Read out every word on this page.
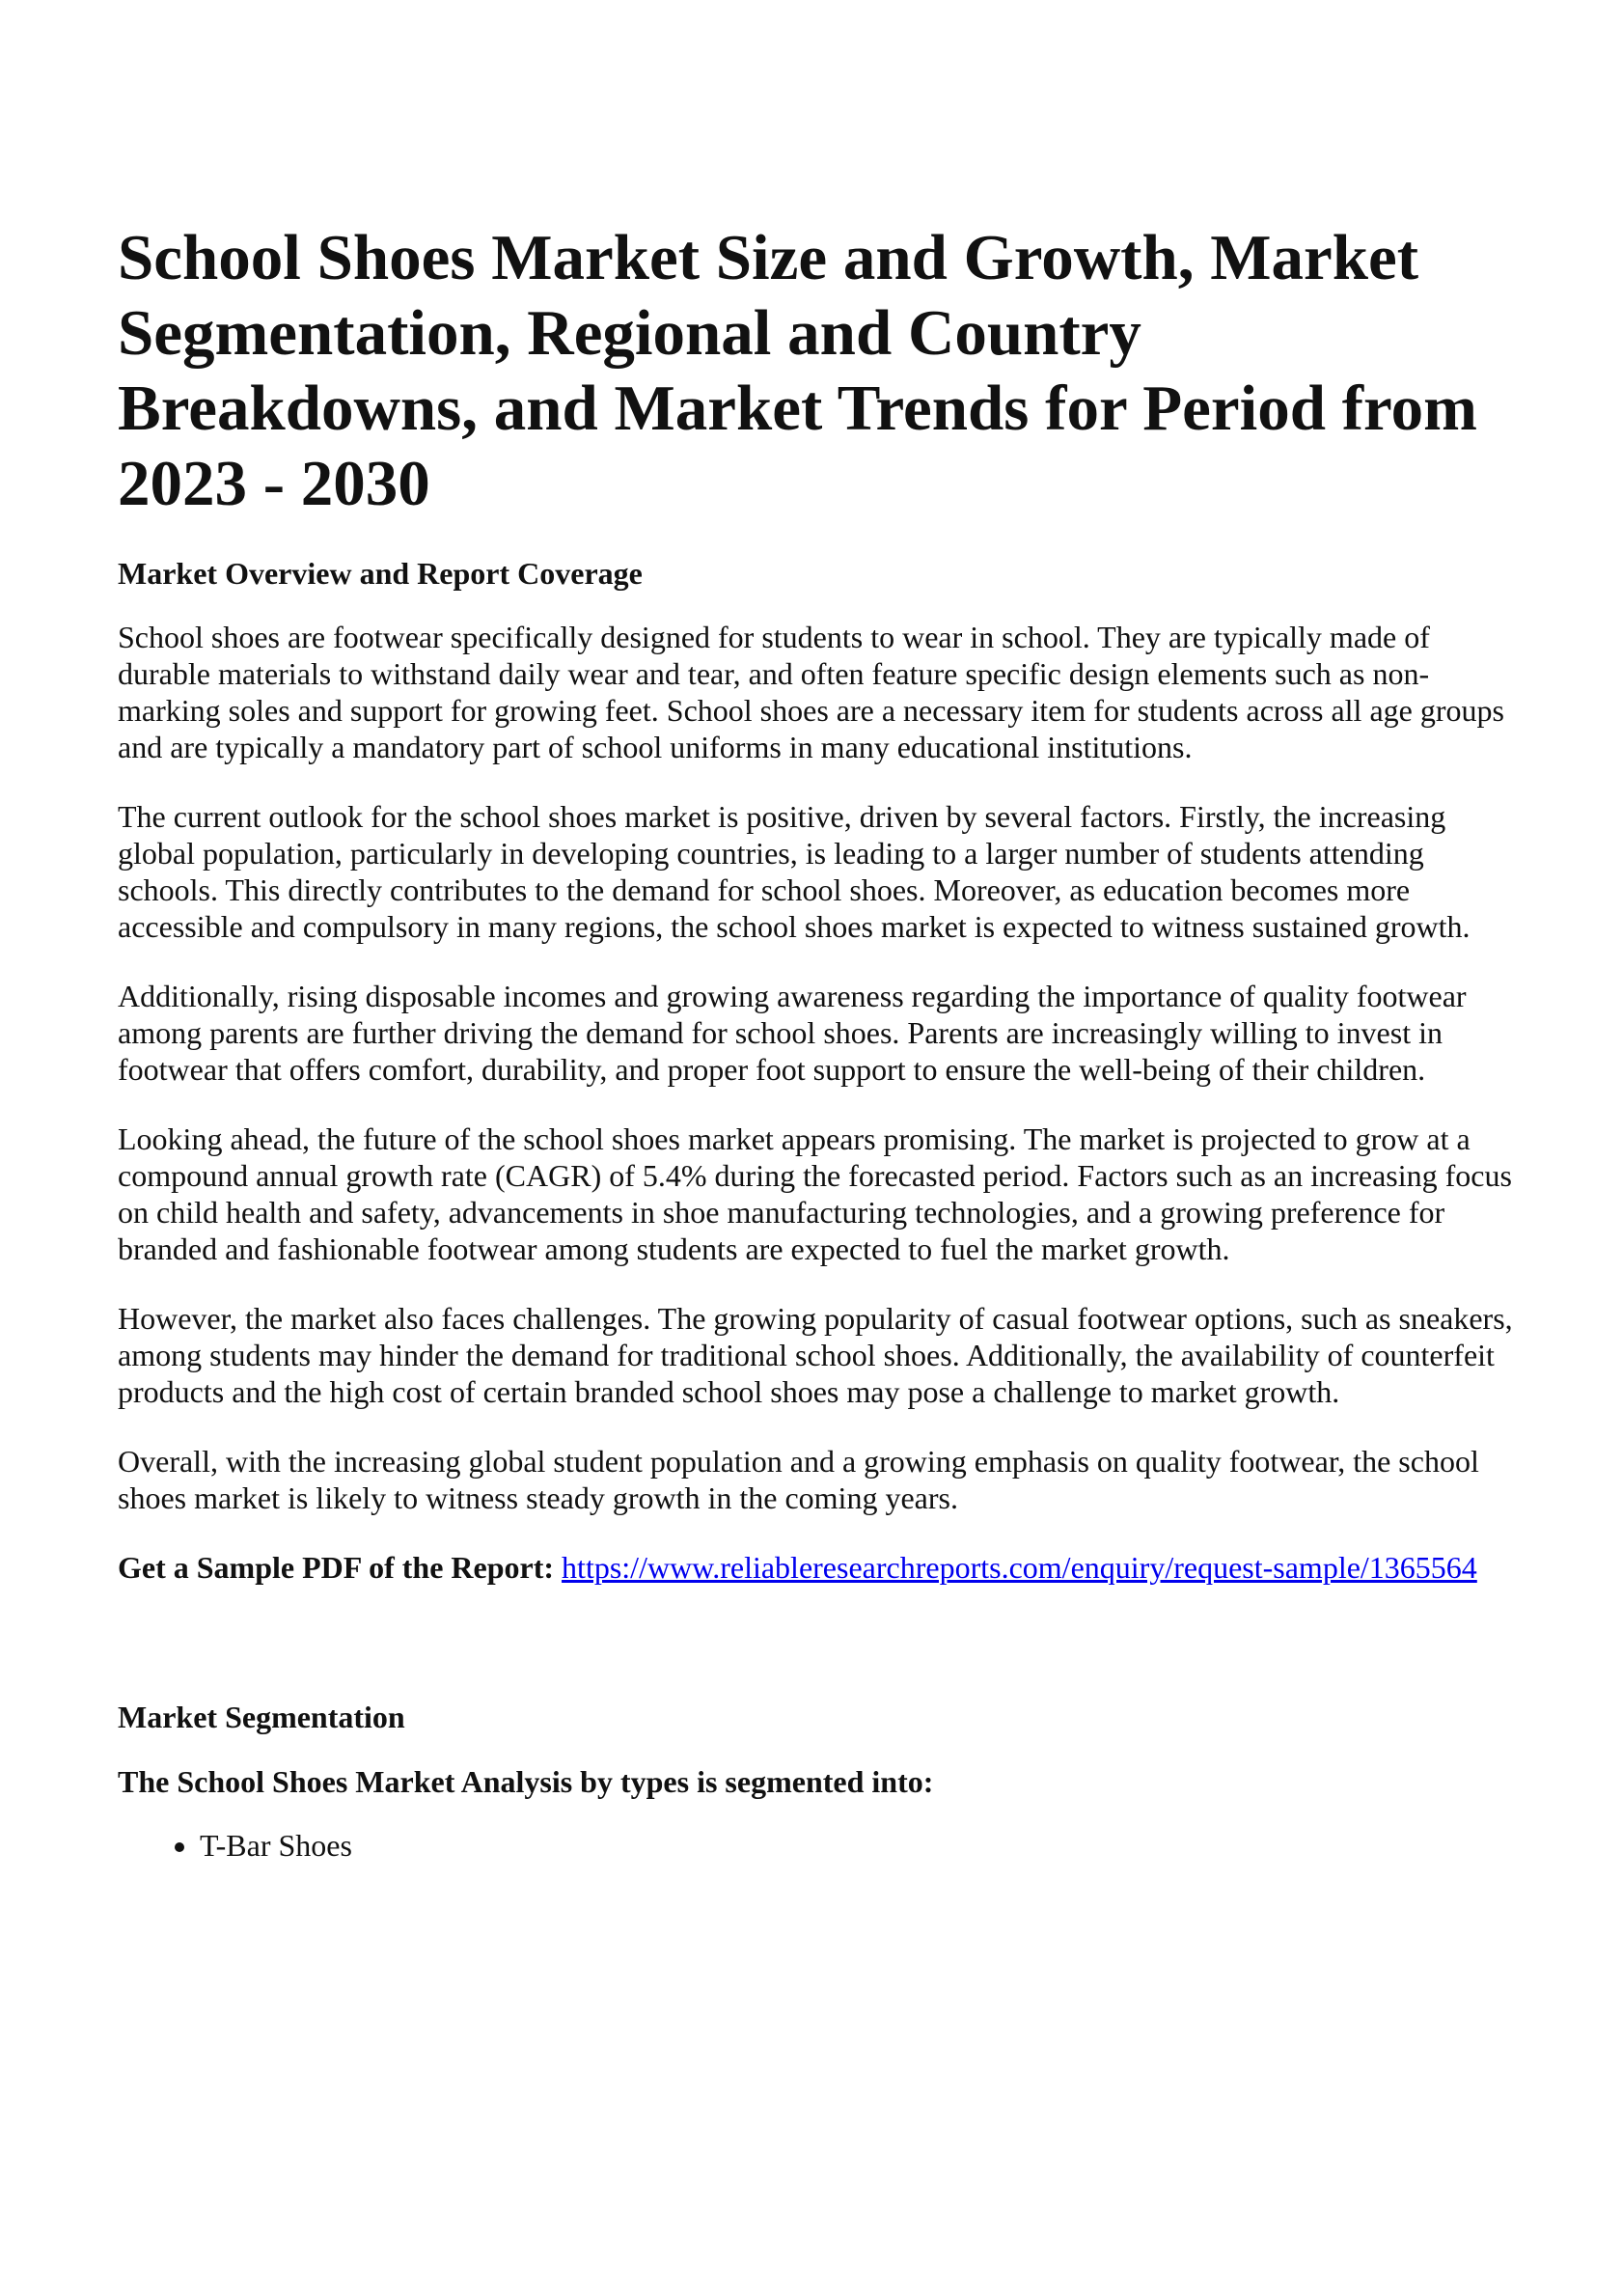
School Shoes Market Size and Growth, Market Segmentation, Regional and Country Breakdowns, and Market Trends for Period from 2023 - 2030
Market Overview and Report Coverage

School shoes are footwear specifically designed for students to wear in school. They are typically made of durable materials to withstand daily wear and tear, and often feature specific design elements such as non-marking soles and support for growing feet. School shoes are a necessary item for students across all age groups and are typically a mandatory part of school uniforms in many educational institutions.

The current outlook for the school shoes market is positive, driven by several factors. Firstly, the increasing global population, particularly in developing countries, is leading to a larger number of students attending schools. This directly contributes to the demand for school shoes. Moreover, as education becomes more accessible and compulsory in many regions, the school shoes market is expected to witness sustained growth.

Additionally, rising disposable incomes and growing awareness regarding the importance of quality footwear among parents are further driving the demand for school shoes. Parents are increasingly willing to invest in footwear that offers comfort, durability, and proper foot support to ensure the well-being of their children.

Looking ahead, the future of the school shoes market appears promising. The market is projected to grow at a compound annual growth rate (CAGR) of 5.4% during the forecasted period. Factors such as an increasing focus on child health and safety, advancements in shoe manufacturing technologies, and a growing preference for branded and fashionable footwear among students are expected to fuel the market growth.

However, the market also faces challenges. The growing popularity of casual footwear options, such as sneakers, among students may hinder the demand for traditional school shoes. Additionally, the availability of counterfeit products and the high cost of certain branded school shoes may pose a challenge to market growth.

Overall, with the increasing global student population and a growing emphasis on quality footwear, the school shoes market is likely to witness steady growth in the coming years.

Get a Sample PDF of the Report: https://www.reliableresearchreports.com/enquiry/request-sample/1365564

Market Segmentation
The School Shoes Market Analysis by types is segmented into:
• T-Bar Shoes
